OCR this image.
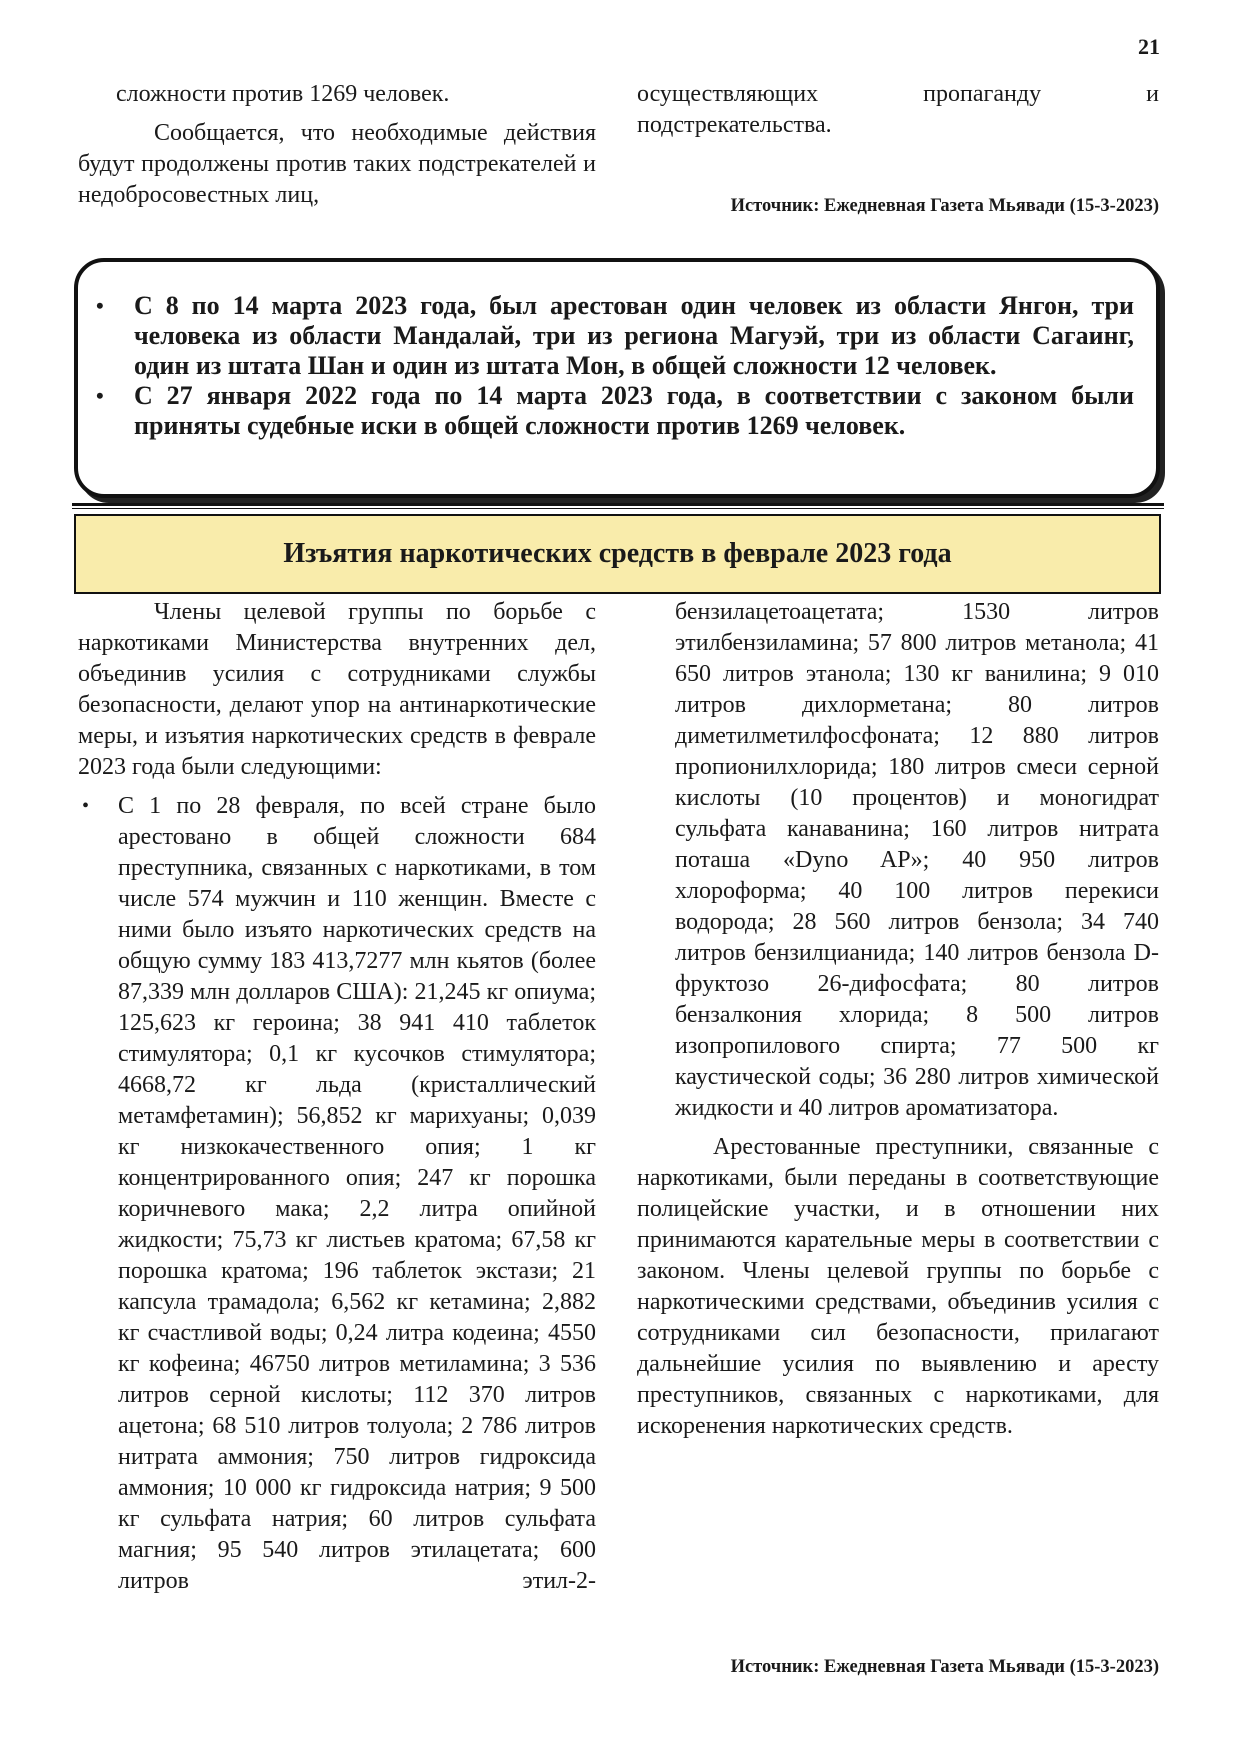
21

сложности против 1269 человек.

Сообщается, что необходимые действия будут продолжены против таких подстрекателей и недобросовестных лиц,

осуществляющих пропаганду и подстрекательства.

Источник: Ежедневная Газета Мьявади (15-3-2023)
• С 8 по 14 марта 2023 года, был арестован один человек из области Янгон, три человека из области Мандалай, три из региона Магуэй, три из области Сагаинг, один из штата Шан и один из штата Мон, в общей сложности 12 человек.
• С 27 января 2022 года по 14 марта 2023 года, в соответствии с законом были приняты судебные иски в общей сложности против 1269 человек.
Изъятия наркотических средств в феврале 2023 года

Члены целевой группы по борьбе с наркотиками Министерства внутренних дел, объединив усилия с сотрудниками службы безопасности, делают упор на антинаркотические меры, и изъятия наркотических средств в феврале 2023 года были следующими:

• С 1 по 28 февраля, по всей стране было арестовано в общей сложности 684 преступника, связанных с наркотиками, в том числе 574 мужчин и 110 женщин. Вместе с ними было изъято наркотических средств на общую сумму 183 413,7277 млн кьятов (более 87,339 млн долларов США): 21,245 кг опиума; 125,623 кг героина; 38 941 410 таблеток стимулятора; 0,1 кг кусочков стимулятора; 4668,72 кг льда (кристаллический метамфетамин); 56,852 кг марихуаны; 0,039 кг низкокачественного опия; 1 кг концентрированного опия; 247 кг порошка коричневого мака; 2,2 литра опийной жидкости; 75,73 кг листьев кратома; 67,58 кг порошка кратома; 196 таблеток экстази; 21 капсула трамадола; 6,562 кг кетамина; 2,882 кг счастливой воды; 0,24 литра кодеина; 4550 кг кофеина; 46750 литров метиламина; 3 536 литров серной кислоты; 112 370 литров ацетона; 68 510 литров толуола; 2 786 литров нитрата аммония; 750 литров гидроксида аммония; 10 000 кг гидроксида натрия; 9 500 кг сульфата натрия; 60 литров сульфата магния; 95 540 литров этилацетата; 600 литров этил-2-

бензилацетоацетата; 1530 литров этилбензиламина; 57 800 литров метанола; 41 650 литров этанола; 130 кг ванилина; 9 010 литров дихлорметана; 80 литров диметилметилфосфоната; 12 880 литров пропионилхлорида; 180 литров смеси серной кислоты (10 процентов) и моногидрат сульфата канаванина; 160 литров нитрата поташа «Dyno AP»; 40 950 литров хлороформа; 40 100 литров перекиси водорода; 28 560 литров бензола; 34 740 литров бензилцианида; 140 литров бензола D-фруктозо 26-дифосфата; 80 литров бензалкония хлорида; 8 500 литров изопропилового спирта; 77 500 кг каустической соды; 36 280 литров химической жидкости и 40 литров ароматизатора.

Арестованные преступники, связанные с наркотиками, были переданы в соответствующие полицейские участки, и в отношении них принимаются карательные меры в соответствии с законом. Члены целевой группы по борьбе с наркотическими средствами, объединив усилия с сотрудниками сил безопасности, прилагают дальнейшие усилия по выявлению и аресту преступников, связанных с наркотиками, для искоренения наркотических средств.

Источник: Ежедневная Газета Мьявади (15-3-2023)
